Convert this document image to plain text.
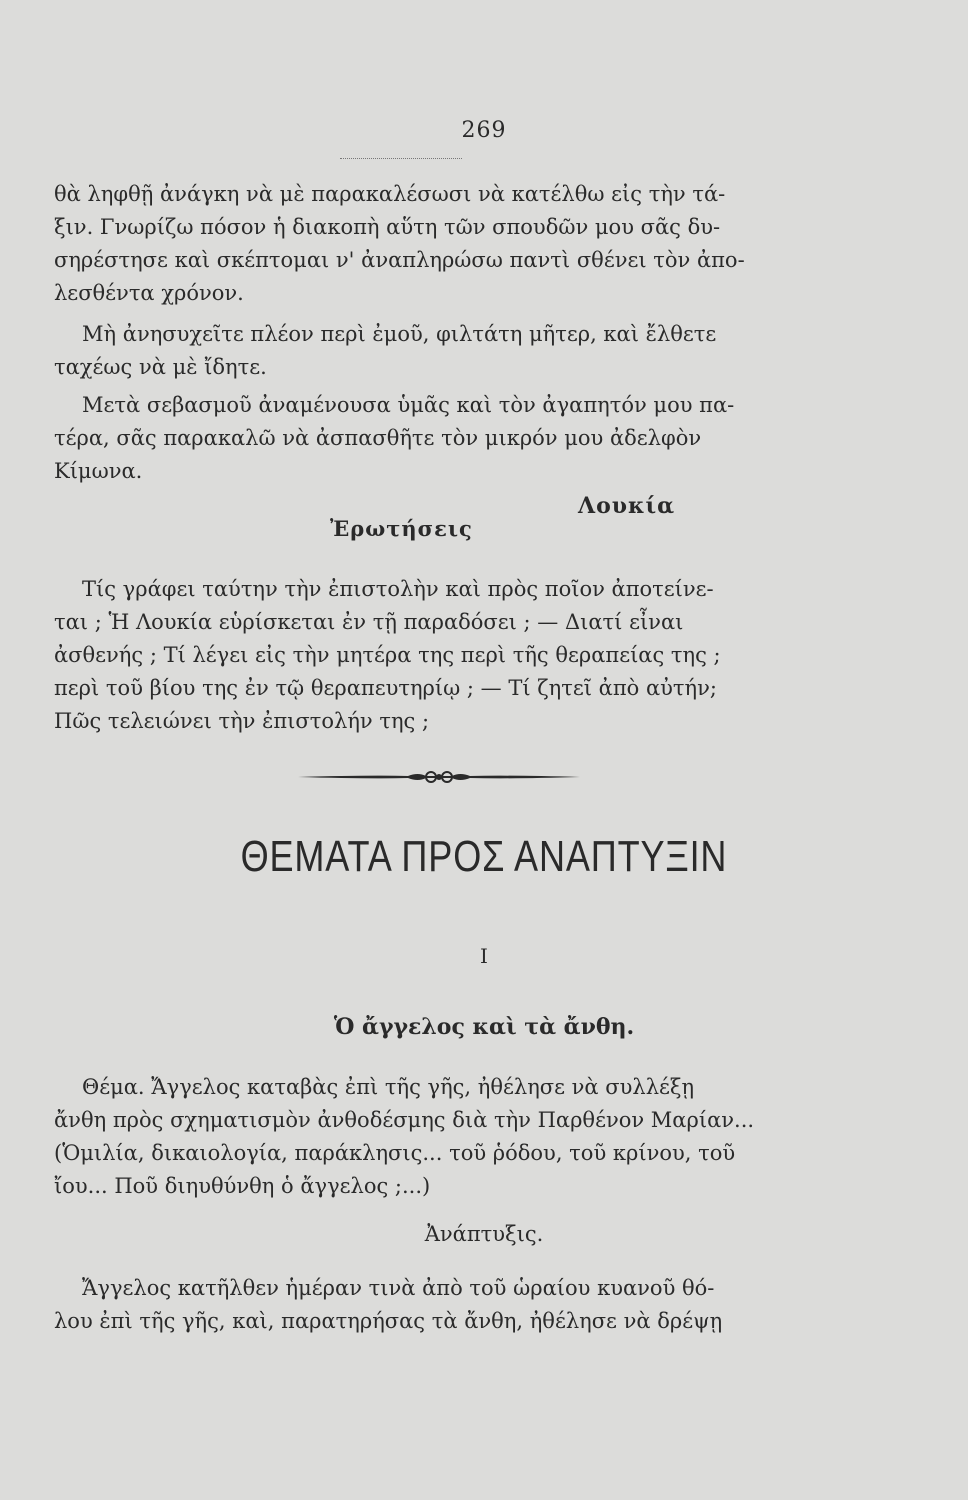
269
θὰ ληφθῇ ἀνάγκη νὰ μὲ παρακαλέσωσι νὰ κατέλθω εἰς τὴν τά-
ξιν. Γνωρίζω πόσον ἡ διακοπὴ αὕτη τῶν σπουδῶν μου σᾶς δυ-
σηρέστησε καὶ σκέπτομαι ν' ἀναπληρώσω παντὶ σθένει τὸν ἀπο-
λεσθέντα χρόνον.
Μὴ ἀνησυχεῖτε πλέον περὶ ἐμοῦ, φιλτάτη μῆτερ, καὶ ἔλθετε
ταχέως νὰ μὲ ἴδητε.
Μετὰ σεβασμοῦ ἀναμένουσα ὑμᾶς καὶ τὸν ἀγαπητόν μου πα-
τέρα, σᾶς παρακαλῶ νὰ ἀσπασθῆτε τὸν μικρόν μου ἀδελφὸν
Κίμωνα.
Λουκία
Ἐρωτήσεις
Τίς γράφει ταύτην τὴν ἐπιστολὴν καὶ πρὸς ποῖον ἀποτείνε-
ται ; Ἡ Λουκία εὑρίσκεται ἐν τῇ παραδόσει ; — Διατί εἶναι
ἀσθενής ; Τί λέγει εἰς τὴν μητέρα της περὶ τῆς θεραπείας της ;
περὶ τοῦ βίου της ἐν τῷ θεραπευτηρίῳ ; — Τί ζητεῖ ἀπὸ αὐτήν;
Πῶς τελειώνει τὴν ἐπιστολήν της ;
ΘΕΜΑΤΑ ΠΡΟΣ ΑΝΑΠΤΥΞΙΝ
I
Ὁ ἄγγελος καὶ τὰ ἄνθη.
Θέμα. Ἄγγελος καταβὰς ἐπὶ τῆς γῆς, ἠθέλησε νὰ συλλέξῃ
ἄνθη πρὸς σχηματισμὸν ἀνθοδέσμης διὰ τὴν Παρθένον Μαρίαν...
(Ὁμιλία, δικαιολογία, παράκλησις... τοῦ ῥόδου, τοῦ κρίνου, τοῦ
ἴου... Ποῦ διηυθύνθη ὁ ἄγγελος ;...)
Ἀνάπτυξις.
Ἄγγελος κατῆλθεν ἡμέραν τινὰ ἀπὸ τοῦ ὡραίου κυανοῦ θό-
λου ἐπὶ τῆς γῆς, καὶ, παρατηρήσας τὰ ἄνθη, ἠθέλησε νὰ δρέψῃ
